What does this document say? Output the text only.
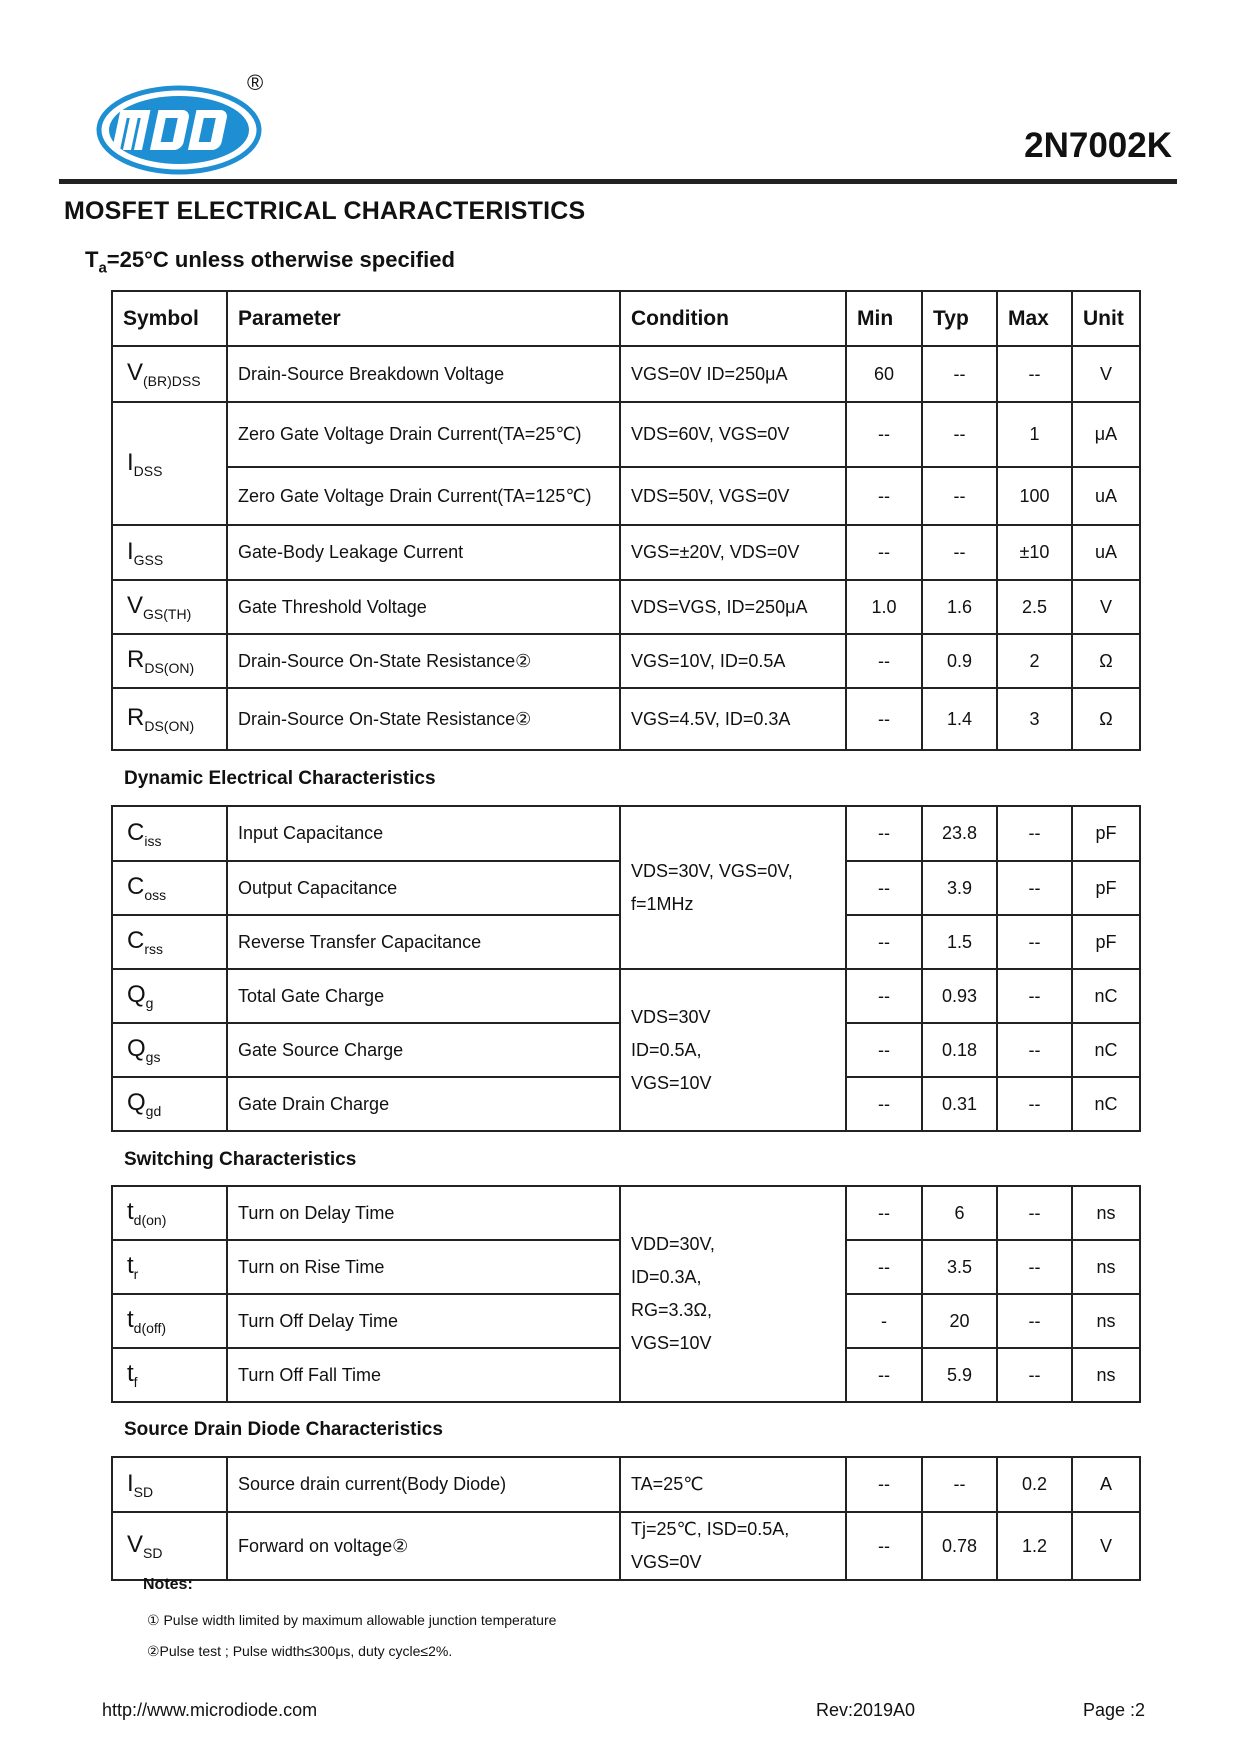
®
2N7002K
MOSFET ELECTRICAL CHARACTERISTICS
$T_a=25^\circ C$ unless otherwise specified
Symbol	Parameter	Condition	Min	Typ	Max	Unit
$V_{(BR)DSS}$	Drain-Source Breakdown Voltage	VGS=0V ID=250μA	60	--	--	V
$I_{DSS}$	Zero Gate Voltage Drain Current(TA=25℃)	VDS=60V, VGS=0V	--	--	1	μA
	Zero Gate Voltage Drain Current(TA=125℃)	VDS=50V, VGS=0V	--	--	100	uA
$I_{GSS}$	Gate-Body Leakage Current	VGS=±20V, VDS=0V	--	--	±10	uA
$V_{GS(TH)}$	Gate Threshold Voltage	VDS=VGS, ID=250μA	1.0	1.6	2.5	V
$R_{DS(ON)}$	Drain-Source On-State Resistance②	VGS=10V, ID=0.5A	--	0.9	2	Ω
$R_{DS(ON)}$	Drain-Source On-State Resistance②	VGS=4.5V, ID=0.3A	--	1.4	3	Ω
Dynamic Electrical Characteristics
$C_{iss}$	Input Capacitance	VDS=30V, VGS=0V,
f=1MHz	--	23.8	--	pF
$C_{oss}$	Output Capacitance		--	3.9	--	pF
$C_{rss}$	Reverse Transfer Capacitance		--	1.5	--	pF
$Q_g$	Total Gate Charge	VDS=30V
ID=0.5A,
VGS=10V	--	0.93	--	nC
$Q_{gs}$	Gate Source Charge		--	0.18	--	nC
$Q_{gd}$	Gate Drain Charge		--	0.31	--	nC
Switching Characteristics
$t_{d(on)}$	Turn on Delay Time	VDD=30V,
ID=0.3A,
RG=3.3Ω,
VGS=10V	--	6	--	ns
$t_r$	Turn on Rise Time		--	3.5	--	ns
$t_{d(off)}$	Turn Off Delay Time		-	20	--	ns
$t_f$	Turn Off Fall Time		--	5.9	--	ns
Source Drain Diode Characteristics
$I_{SD}$	Source drain current(Body Diode)	TA=25℃	--	--	0.2	A
$V_{SD}$	Forward on voltage②	Tj=25℃, ISD=0.5A,
VGS=0V	--	0.78	1.2	V
Notes:
① Pulse width limited by maximum allowable junction temperature
②Pulse test ; Pulse width≤300μs, duty cycle≤2%.
http://www.microdiode.com	Rev:2019A0	Page :2
